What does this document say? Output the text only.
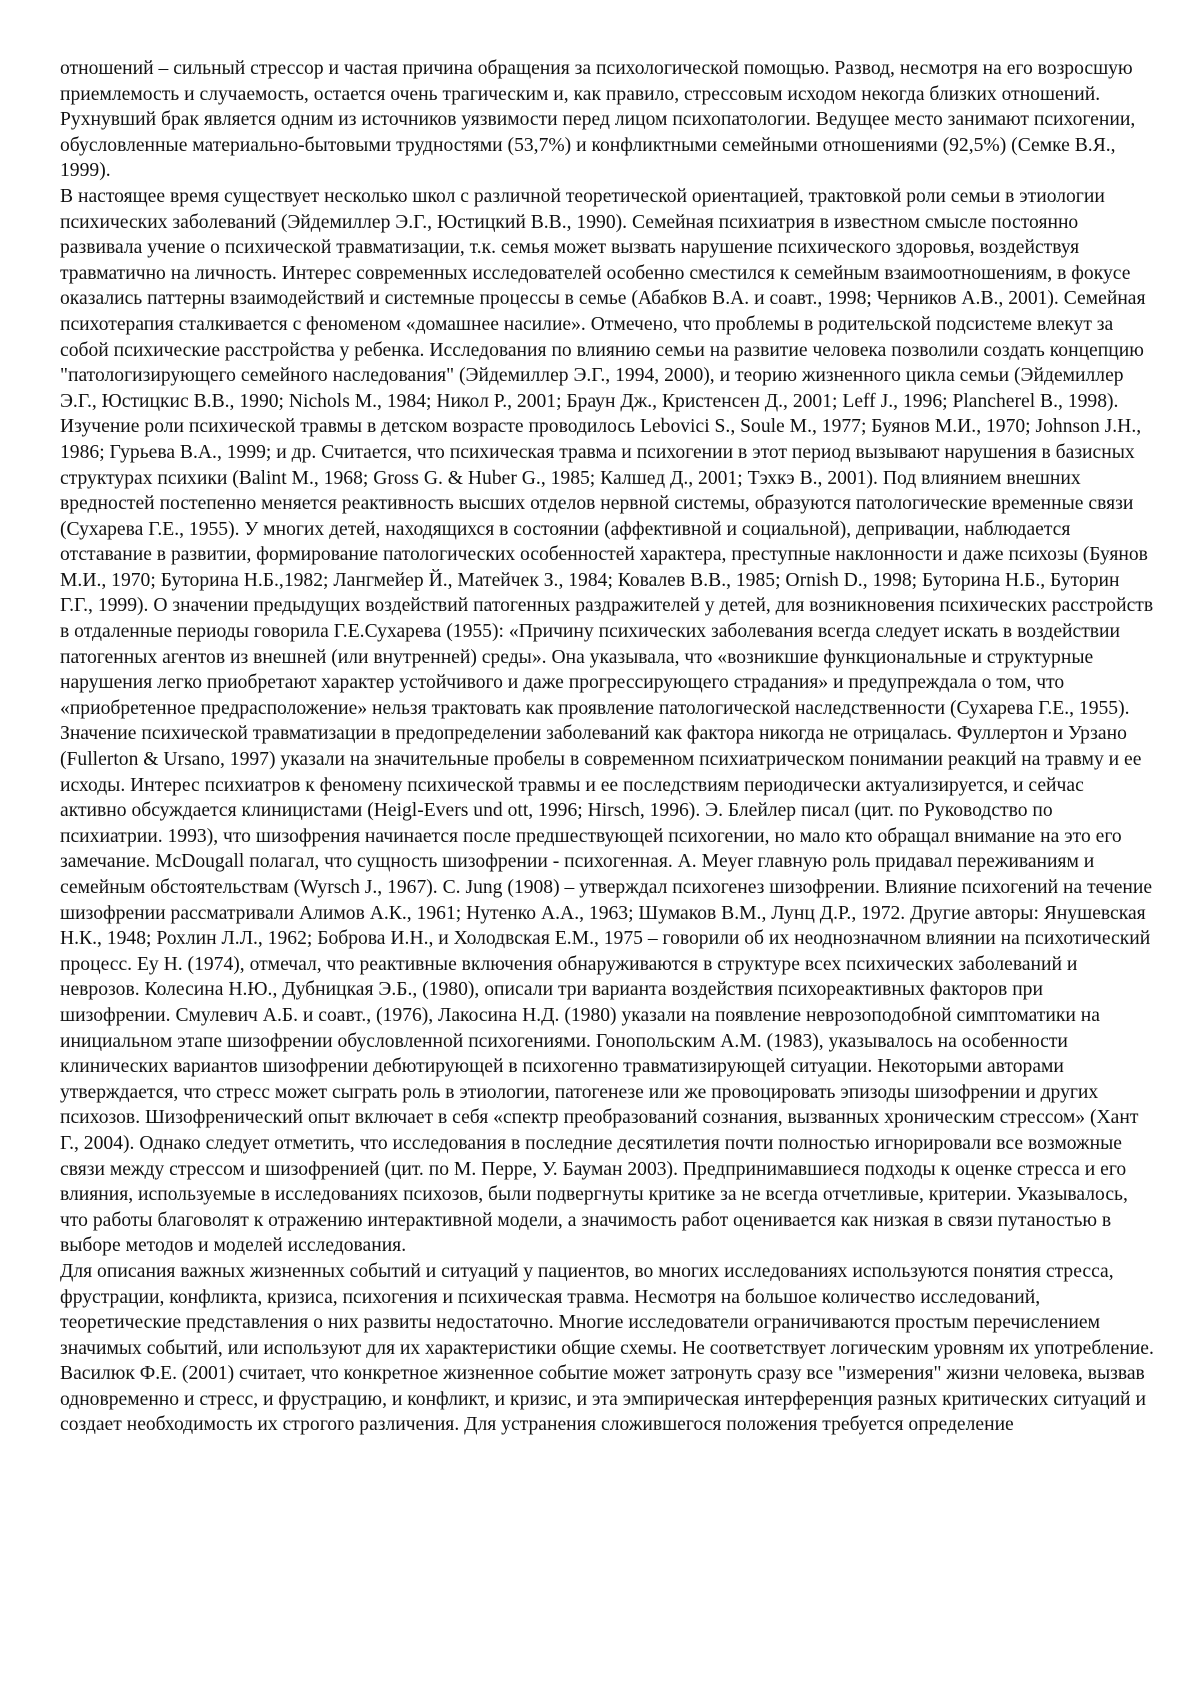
отношений – сильный стрессор и частая причина обращения за психологической помощью. Развод, несмотря на его возросшую приемлемость и случаемость, остается очень трагическим и, как правило, стрессовым исходом некогда близких отношений. Рухнувший брак является одним из источников уязвимости перед лицом психопатологии. Ведущее место занимают психогении, обусловленные материально-бытовыми трудностями (53,7%) и конфликтными семейными отношениями (92,5%) (Семке В.Я., 1999).

В настоящее время существует несколько школ с различной теоретической ориентацией, трактовкой роли семьи в этиологии психических заболеваний (Эйдемиллер Э.Г., Юстицкий В.В., 1990). Семейная психиатрия в известном смысле постоянно развивала учение о психической травматизации, т.к. семья может вызвать нарушение психического здоровья, воздействуя травматично на личность. Интерес современных исследователей особенно сместился к семейным взаимоотношениям, в фокусе оказались паттерны взаимодействий и системные процессы в семье (Абабков В.А. и соавт., 1998; Черников А.В., 2001). Семейная психотерапия сталкивается с феноменом «домашнее насилие». Отмечено, что проблемы в родительской подсистеме влекут за собой психические расстройства у ребенка. Исследования по влиянию семьи на развитие человека позволили создать концепцию "патологизирующего семейного наследования" (Эйдемиллер Э.Г., 1994, 2000), и теорию жизненного цикла семьи (Эйдемиллер Э.Г., Юстицкис В.В., 1990; Nichols M., 1984; Никол Р., 2001; Браун Дж., Кристенсен Д., 2001; Leff J., 1996; Plancherel B., 1998). Изучение роли психической травмы в детском возрасте проводилось Lebovici S., Soule M., 1977; Буянов М.И., 1970; Johnson J.H., 1986; Гурьева В.А., 1999; и др. Считается, что психическая травма и психогении в этот период вызывают нарушения в базисных структурах психики (Balint M., 1968; Gross G. & Huber G., 1985; Калшед Д., 2001; Тэхкэ В., 2001). Под влиянием внешних вредностей постепенно меняется реактивность высших отделов нервной системы, образуются патологические временные связи (Сухарева Г.Е., 1955). У многих детей, находящихся в состоянии (аффективной и социальной), депривации, наблюдается отставание в развитии, формирование патологических особенностей характера, преступные наклонности и даже психозы (Буянов М.И., 1970; Буторина Н.Б.,1982; Лангмейер Й., Матейчек З., 1984; Ковалев В.В., 1985; Ornish D., 1998; Буторина Н.Б., Буторин Г.Г., 1999). О значении предыдущих воздействий патогенных раздражителей у детей, для возникновения психических расстройств в отдаленные периоды говорила Г.Е.Сухарева (1955): «Причину психических заболевания всегда следует искать в воздействии патогенных агентов из внешней (или внутренней) среды». Она указывала, что «возникшие функциональные и структурные нарушения легко приобретают характер устойчивого и даже прогрессирующего страдания» и предупреждала о том, что «приобретенное предрасположение» нельзя трактовать как проявление патологической наследственности (Сухарева Г.Е., 1955).

Значение психической травматизации в предопределении заболеваний как фактора никогда не отрицалась. Фуллертон и Урзано (Fullerton & Ursano, 1997) указали на значительные пробелы в современном психиатрическом понимании реакций на травму и ее исходы. Интерес психиатров к феномену психической травмы и ее последствиям периодически актуализируется, и сейчас активно обсуждается клиницистами (Heigl-Evers und ott, 1996; Hirsch, 1996). Э. Блейлер писал (цит. по Руководство по психиатрии. 1993), что шизофрения начинается после предшествующей психогении, но мало кто обращал внимание на это его замечание. McDougall полагал, что сущность шизофрении - психогенная. A. Meyer главную роль придавал переживаниям и семейным обстоятельствам (Wyrsch J., 1967). C. Jung (1908) – утверждал психогенез шизофрении. Влияние психогений на течение шизофрении рассматривали Алимов А.К., 1961; Нутенко А.А., 1963; Шумаков В.М., Лунц Д.Р., 1972. Другие авторы: Янушевская Н.К., 1948; Рохлин Л.Л., 1962; Боброва И.Н., и Холодвская Е.М., 1975 – говорили об их неоднозначном влиянии на психотический процесс. Ey H. (1974), отмечал, что реактивные включения обнаруживаются в структуре всех психических заболеваний и неврозов. Колесина Н.Ю., Дубницкая Э.Б., (1980), описали три варианта воздействия психореактивных факторов при шизофрении. Смулевич А.Б. и соавт., (1976), Лакосина Н.Д. (1980) указали на появление неврозоподобной симптоматики на инициальном этапе шизофрении обусловленной психогениями. Гонопольским А.М. (1983), указывалось на особенности клинических вариантов шизофрении дебютирующей в психогенно травматизирующей ситуации. Некоторыми авторами утверждается, что стресс может сыграть роль в этиологии, патогенезе или же провоцировать эпизоды шизофрении и других психозов. Шизофренический опыт включает в себя «спектр преобразований сознания, вызванных хроническим стрессом» (Хант Г., 2004). Однако следует отметить, что исследования в последние десятилетия почти полностью игнорировали все возможные связи между стрессом и шизофренией (цит. по М. Перре, У. Бауман 2003). Предпринимавшиеся подходы к оценке стресса и его влияния, используемые в исследованиях психозов, были подвергнуты критике за не всегда отчетливые, критерии. Указывалось, что работы благоволят к отражению интерактивной модели, а значимость работ оценивается как низкая в связи путаностью в выборе методов и моделей исследования.

Для описания важных жизненных событий и ситуаций у пациентов, во многих исследованиях используются понятия стресса, фрустрации, конфликта, кризиса, психогения и психическая травма. Несмотря на большое количество исследований, теоретические представления о них развиты недостаточно. Многие исследователи ограничиваются простым перечислением значимых событий, или используют для их характеристики общие схемы. Не соответствует логическим уровням их употребление. Василюк Ф.Е. (2001) считает, что конкретное жизненное событие может затронуть сразу все "измерения" жизни человека, вызвав одновременно и стресс, и фрустрацию, и конфликт, и кризис, и эта эмпирическая интерференция разных критических ситуаций и создает необходимость их строгого различения. Для устранения сложившегося положения требуется определение
